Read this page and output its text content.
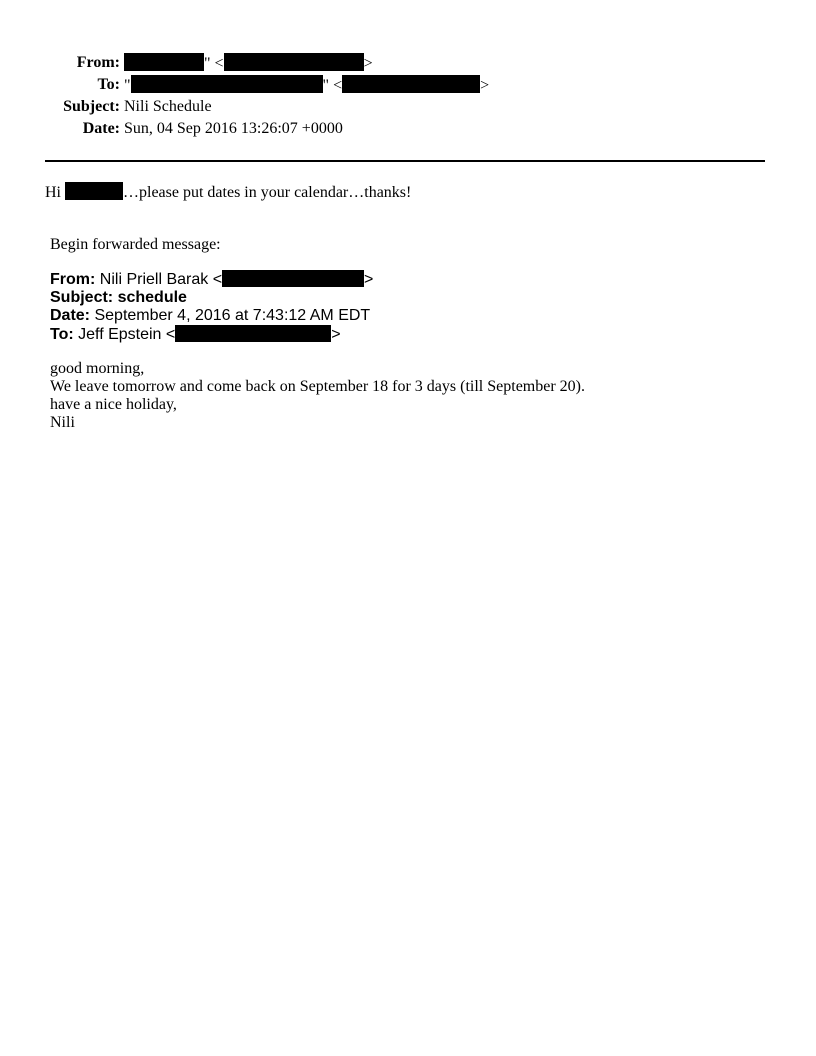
From:	" <	>
To: "	" <	>
Subject: Nili Schedule
Date: Sun, 04 Sep 2016 13:26:07 +0000
Hi	…please put dates in your calendar…thanks!
Begin forwarded message:
From: Nili Priell Barak <	>
Subject: schedule
Date: September 4, 2016 at 7:43:12 AM EDT
To: Jeff Epstein <	>
good morning,
We leave tomorrow and come back on September 18 for 3 days (till September 20).
have a nice holiday,
Nili
